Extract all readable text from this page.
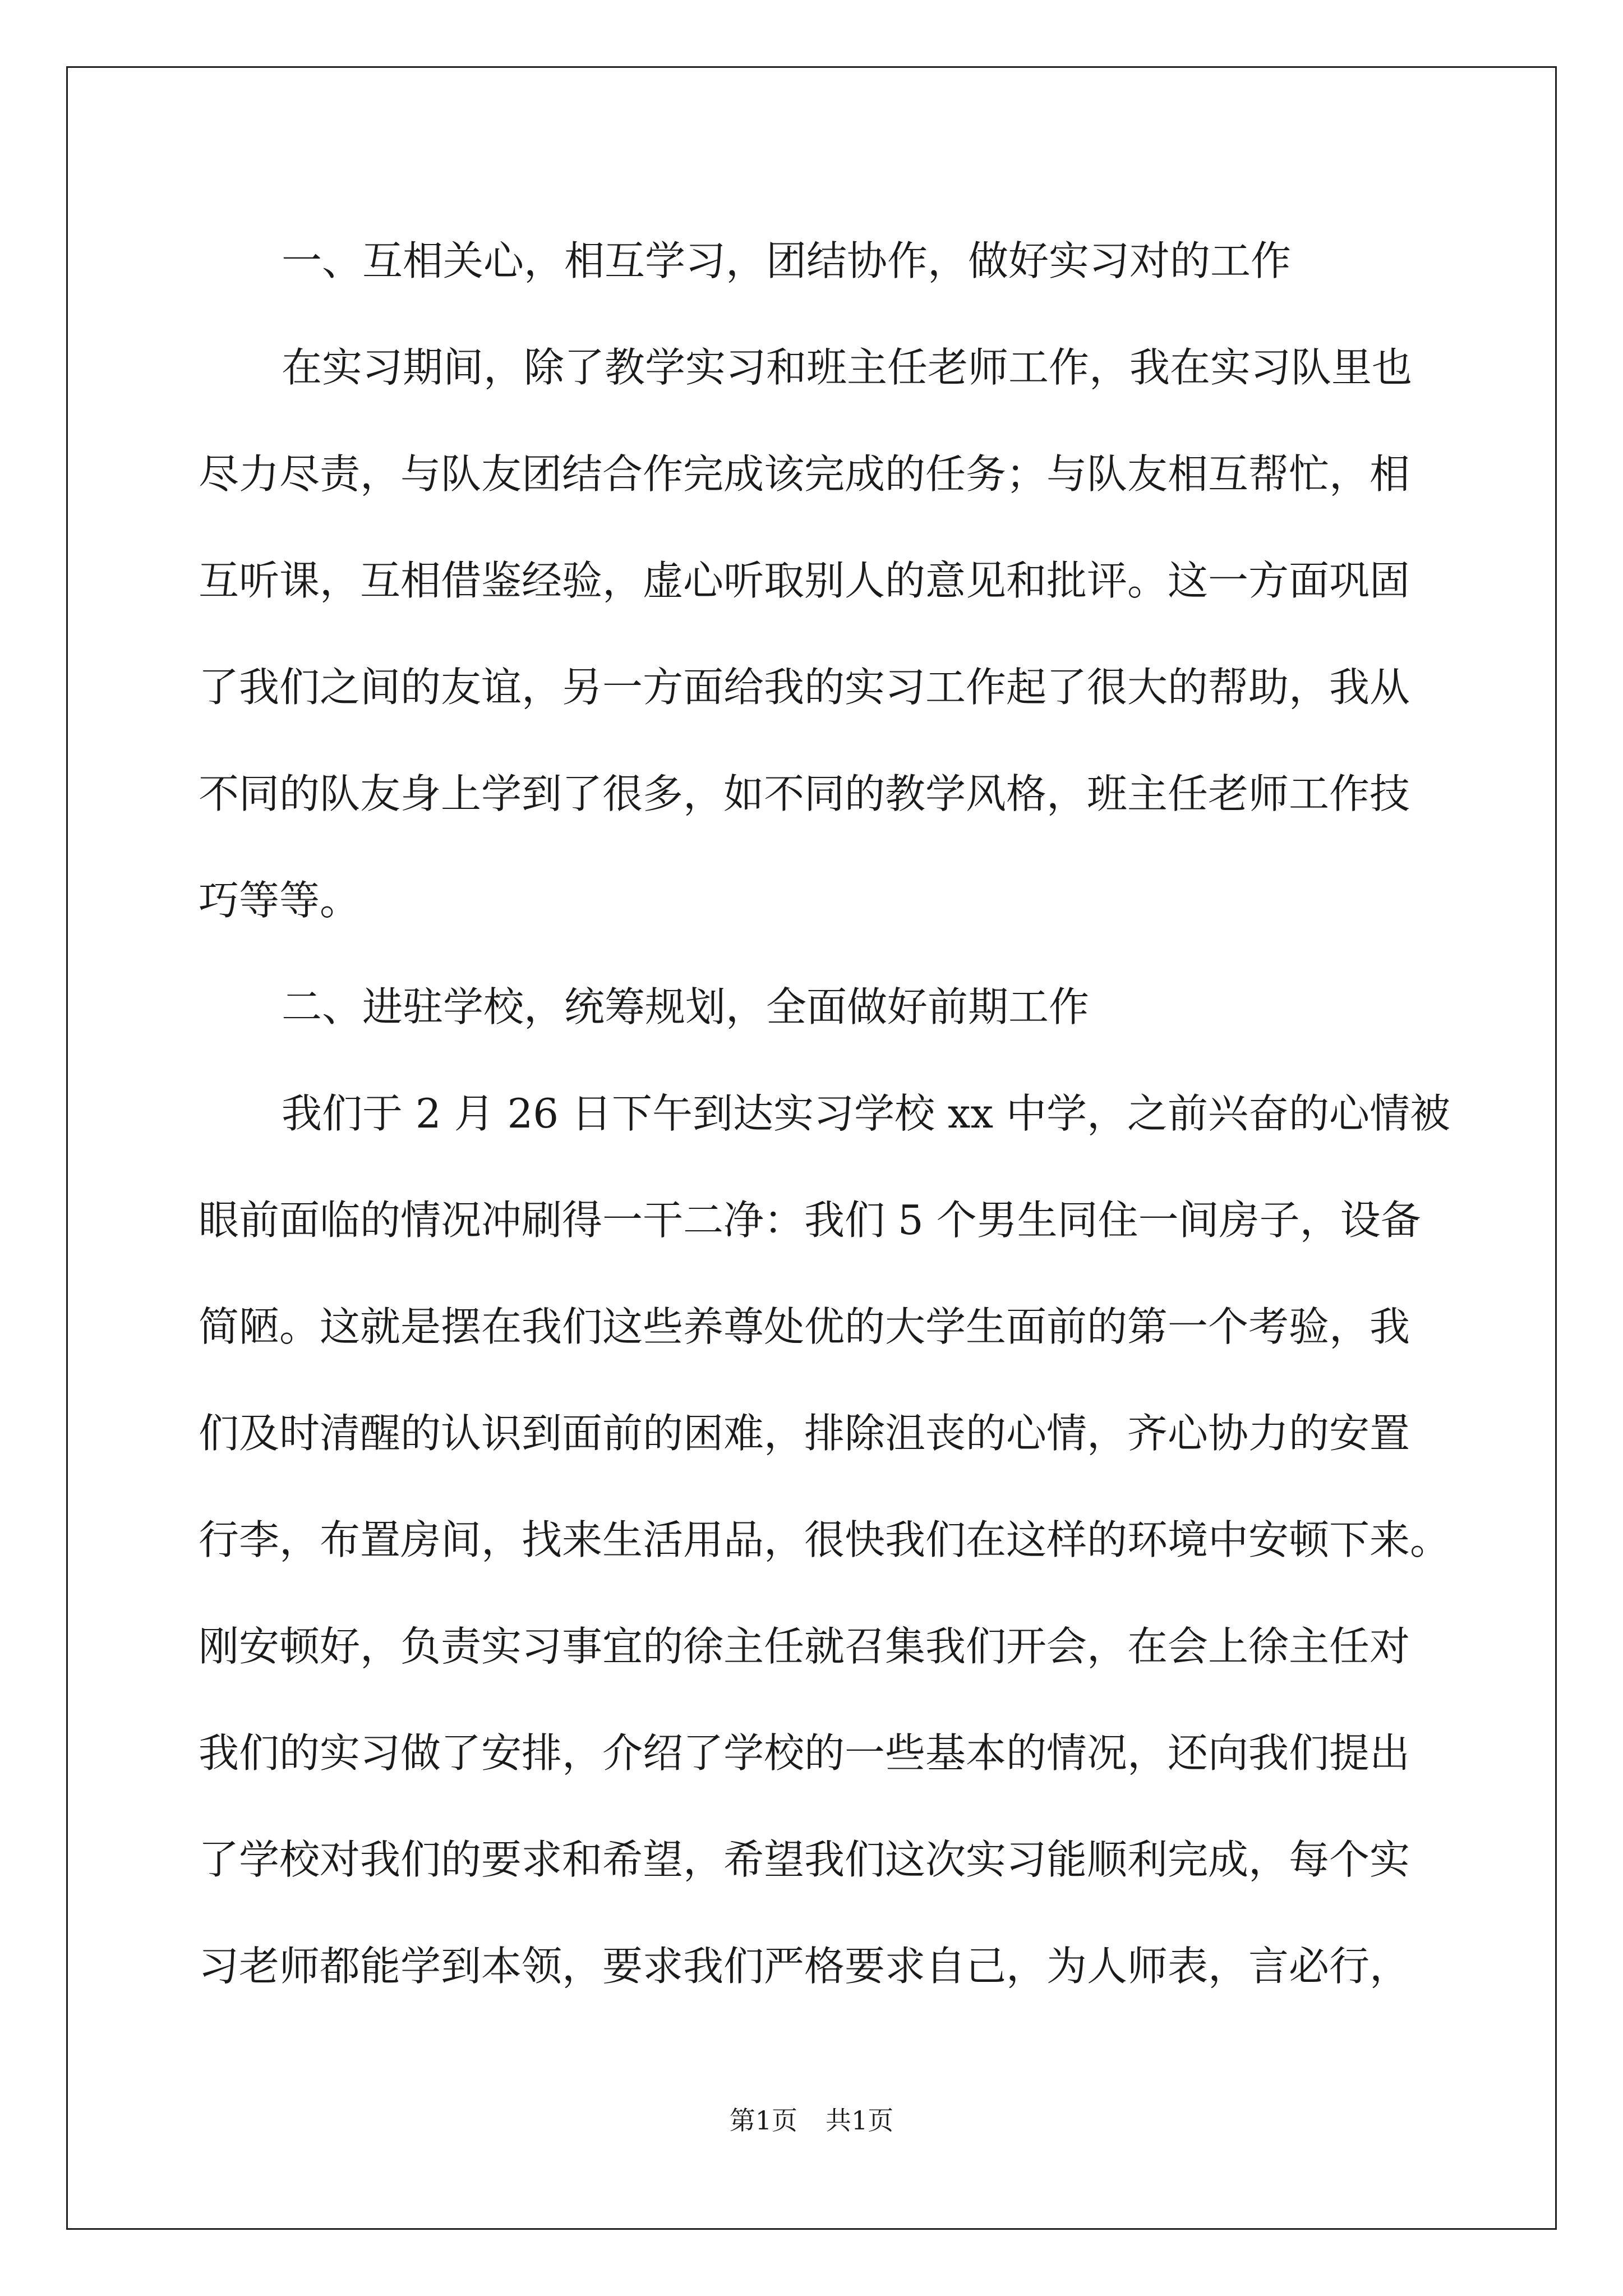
一、互相关心，相互学习，团结协作，做好实习对的工作
在实习期间，除了教学实习和班主任老师工作，我在实习队里也
尽力尽责，与队友团结合作完成该完成的任务；与队友相互帮忙，相
互听课，互相借鉴经验，虚心听取别人的意见和批评。这一方面巩固
了我们之间的友谊，另一方面给我的实习工作起了很大的帮助，我从
不同的队友身上学到了很多，如不同的教学风格，班主任老师工作技
巧等等。
二、进驻学校，统筹规划，全面做好前期工作
我们于 2 月 26 日下午到达实习学校 xx 中学，之前兴奋的心情被
眼前面临的情况冲刷得一干二净：我们 5 个男生同住一间房子，设备
简陋。这就是摆在我们这些养尊处优的大学生面前的第一个考验，我
们及时清醒的认识到面前的困难，排除沮丧的心情，齐心协力的安置
行李，布置房间，找来生活用品，很快我们在这样的环境中安顿下来。
刚安顿好，负责实习事宜的徐主任就召集我们开会，在会上徐主任对
我们的实习做了安排，介绍了学校的一些基本的情况，还向我们提出
了学校对我们的要求和希望，希望我们这次实习能顺利完成，每个实
习老师都能学到本领，要求我们严格要求自己，为人师表，言必行，
第1页 共1页
